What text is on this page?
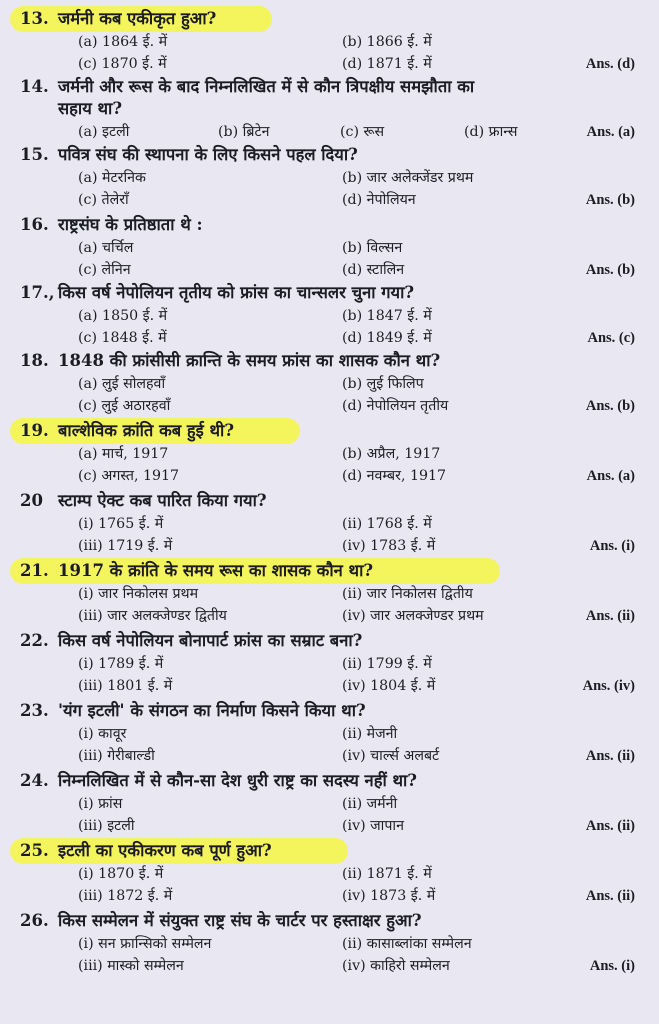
13. जर्मनी कब एकीकृत हुआ?
(a) 1864 ई. में	(b) 1866 ई. में
(c) 1870 ई. में	(d) 1871 ई. में	Ans. (d)
14. जर्मनी और रूस के बाद निम्नलिखित में से कौन त्रिपक्षीय समझौता का
सहाय था?
(a) इटली	(b) ब्रिटेन	(c) रूस	(d) फ्रान्स	Ans. (a)
15. पवित्र संघ की स्थापना के लिए किसने पहल दिया?
(a) मेटरनिक	(b) जार अलेक्जेंडर प्रथम
(c) तेलेराँ	(d) नेपोलियन	Ans. (b)
16. राष्ट्रसंघ के प्रतिष्ठाता थे :
(a) चर्चिल	(b) विल्सन
(c) लेनिन	(d) स्टालिन	Ans. (b)
17., किस वर्ष नेपोलियन तृतीय को फ्रांस का चान्सलर चुना गया?
(a) 1850 ई. में	(b) 1847 ई. में
(c) 1848 ई. में	(d) 1849 ई. में	Ans. (c)
18. 1848 की फ्रांसीसी क्रान्ति के समय फ्रांस का शासक कौन था?
(a) लुई सोलहवाँ	(b) लुई फिलिप
(c) लुई अठारहवाँ	(d) नेपोलियन तृतीय	Ans. (b)
19. बाल्शेविक क्रांति कब हुई थी?
(a) मार्च, 1917	(b) अप्रैल, 1917
(c) अगस्त, 1917	(d) नवम्बर, 1917	Ans. (a)
20 स्टाम्प ऐक्ट कब पारित किया गया?
(i) 1765 ई. में	(ii) 1768 ई. में
(iii) 1719 ई. में	(iv) 1783 ई. में	Ans. (i)
21. 1917 के क्रांति के समय रूस का शासक कौन था?
(i) जार निकोलस प्रथम	(ii) जार निकोलस द्वितीय
(iii) जार अलक्जेण्डर द्वितीय	(iv) जार अलक्जेण्डर प्रथम	Ans. (ii)
22. किस वर्ष नेपोलियन बोनापार्ट फ्रांस का सम्राट बना?
(i) 1789 ई. में	(ii) 1799 ई. में
(iii) 1801 ई. में	(iv) 1804 ई. में	Ans. (iv)
23. 'यंग इटली' के संगठन का निर्माण किसने किया था?
(i) कावूर	(ii) मेजनी
(iii) गेरीबाल्डी	(iv) चार्ल्स अलबर्ट	Ans. (ii)
24. निम्नलिखित में से कौन-सा देश धुरी राष्ट्र का सदस्य नहीं था?
(i) फ्रांस	(ii) जर्मनी
(iii) इटली	(iv) जापान	Ans. (ii)
25. इटली का एकीकरण कब पूर्ण हुआ?
(i) 1870 ई. में	(ii) 1871 ई. में
(iii) 1872 ई. में	(iv) 1873 ई. में	Ans. (ii)
26. किस सम्मेलन में संयुक्त राष्ट्र संघ के चार्टर पर हस्ताक्षर हुआ?
(i) सन फ्रान्सिको सम्मेलन	(ii) कासाब्लांका सम्मेलन
(iii) मास्को सम्मेलन	(iv) काहिरो सम्मेलन	Ans. (i)
